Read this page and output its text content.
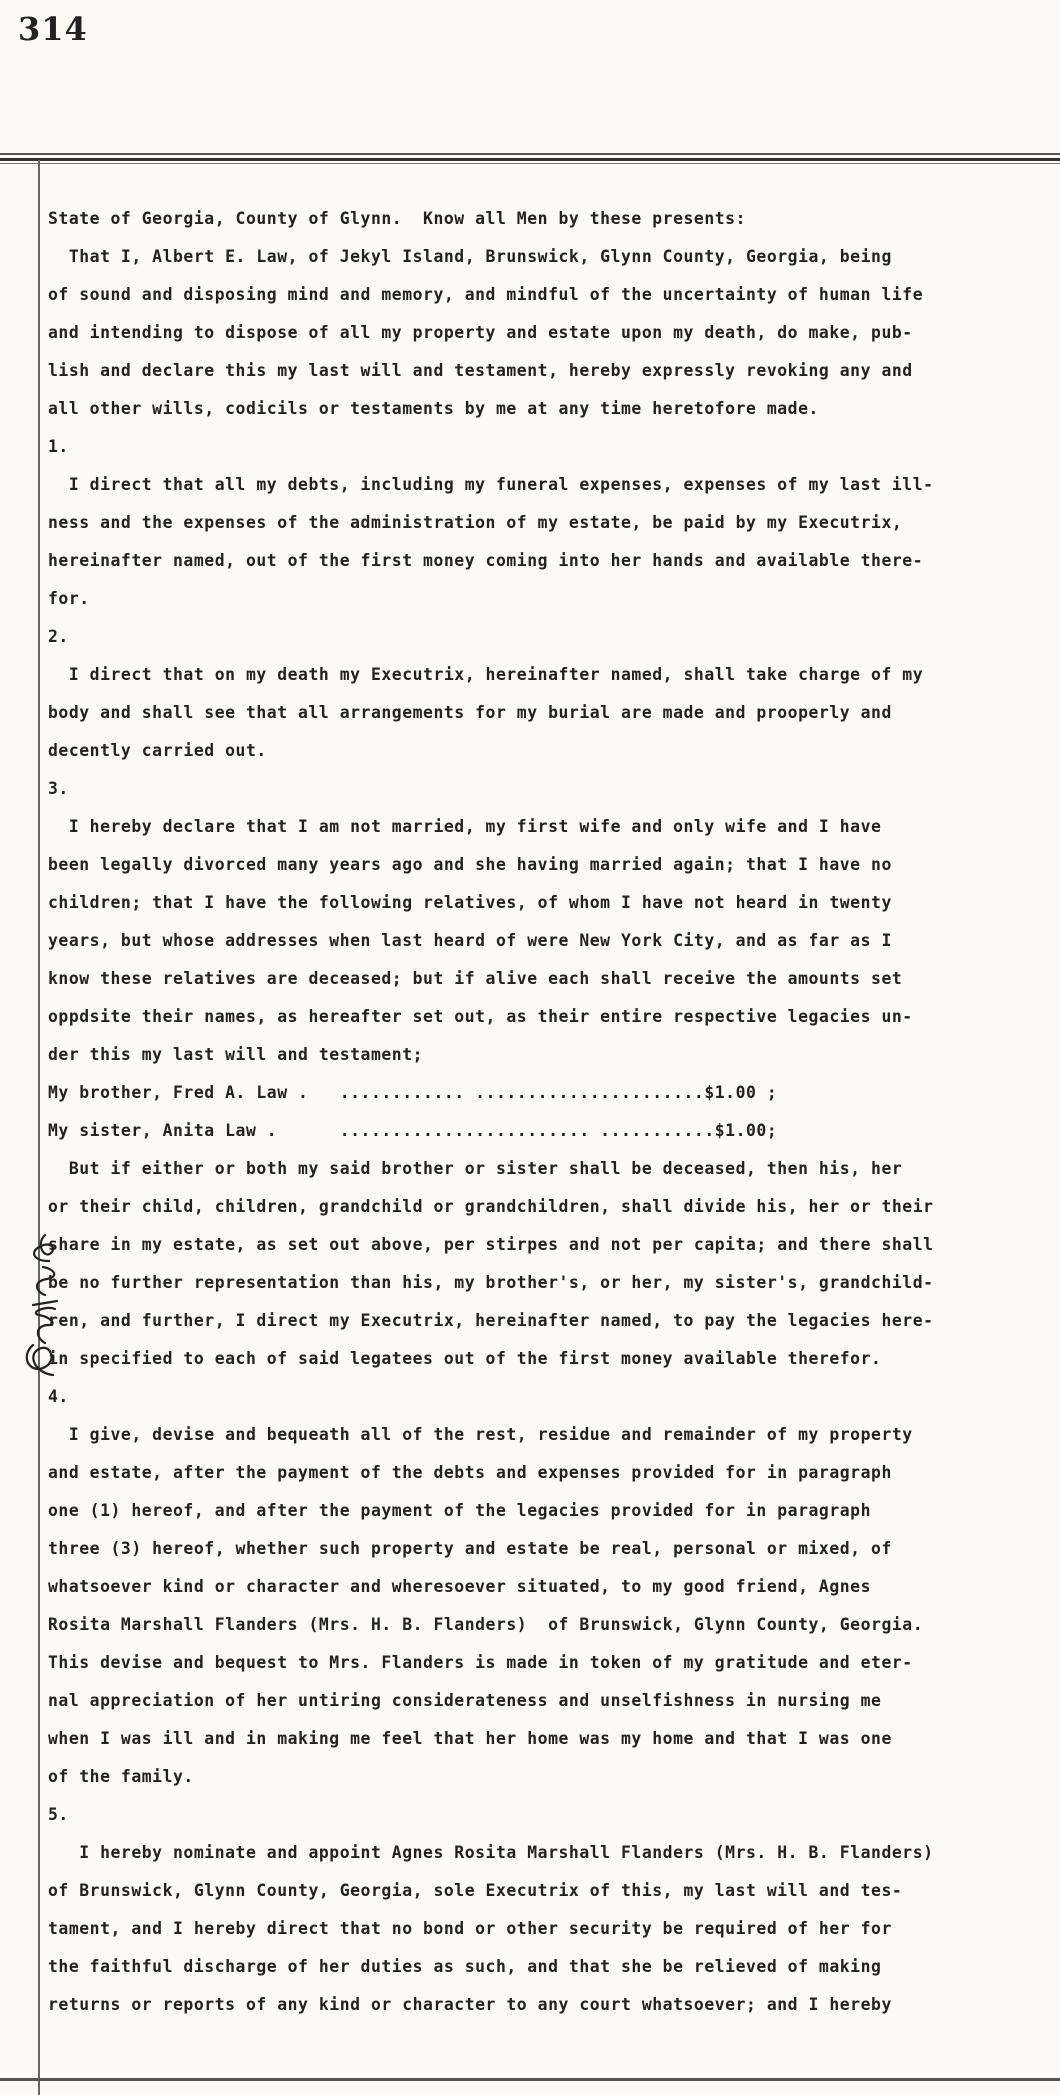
314
State of Georgia, County of Glynn.  Know all Men by these presents:
That I, Albert E. Law, of Jekyl Island, Brunswick, Glynn County, Georgia, being
of sound and disposing mind and memory, and mindful of the uncertainty of human life
and intending to dispose of all my property and estate upon my death, do make, pub-
lish and declare this my last will and testament, hereby expressly revoking any and
all other wills, codicils or testaments by me at any time heretofore made.
1.
I direct that all my debts, including my funeral expenses, expenses of my last ill-
ness and the expenses of the administration of my estate, be paid by my Executrix,
hereinafter named, out of the first money coming into her hands and available there-
for.
2.
I direct that on my death my Executrix, hereinafter named, shall take charge of my
body and shall see that all arrangements for my burial are made and prooperly and
decently carried out.
3.
I hereby declare that I am not married, my first wife and only wife and I have
been legally divorced many years ago and she having married again; that I have no
children; that I have the following relatives, of whom I have not heard in twenty
years, but whose addresses when last heard of were New York City, and as far as I
know these relatives are deceased; but if alive each shall receive the amounts set
oppdsite their names, as hereafter set out, as their entire respective legacies un-
der this my last will and testament;
My brother, Fred A. Law .   ............ ......................$1.00 ;
My sister, Anita Law .      ........................ ...........$1.00;
But if either or both my said brother or sister shall be deceased, then his, her
or their child, children, grandchild or grandchildren, shall divide his, her or their
share in my estate, as set out above, per stirpes and not per capita; and there shall
be no further representation than his, my brother's, or her, my sister's, grandchild-
ren, and further, I direct my Executrix, hereinafter named, to pay the legacies here-
in specified to each of said legatees out of the first money available therefor.
4.
I give, devise and bequeath all of the rest, residue and remainder of my property
and estate, after the payment of the debts and expenses provided for in paragraph
one (1) hereof, and after the payment of the legacies provided for in paragraph
three (3) hereof, whether such property and estate be real, personal or mixed, of
whatsoever kind or character and wheresoever situated, to my good friend, Agnes
Rosita Marshall Flanders (Mrs. H. B. Flanders)  of Brunswick, Glynn County, Georgia.
This devise and bequest to Mrs. Flanders is made in token of my gratitude and eter-
nal appreciation of her untiring considerateness and unselfishness in nursing me
when I was ill and in making me feel that her home was my home and that I was one
of the family.
5.
I hereby nominate and appoint Agnes Rosita Marshall Flanders (Mrs. H. B. Flanders)
of Brunswick, Glynn County, Georgia, sole Executrix of this, my last will and tes-
tament, and I hereby direct that no bond or other security be required of her for
the faithful discharge of her duties as such, and that she be relieved of making
returns or reports of any kind or character to any court whatsoever; and I hereby
